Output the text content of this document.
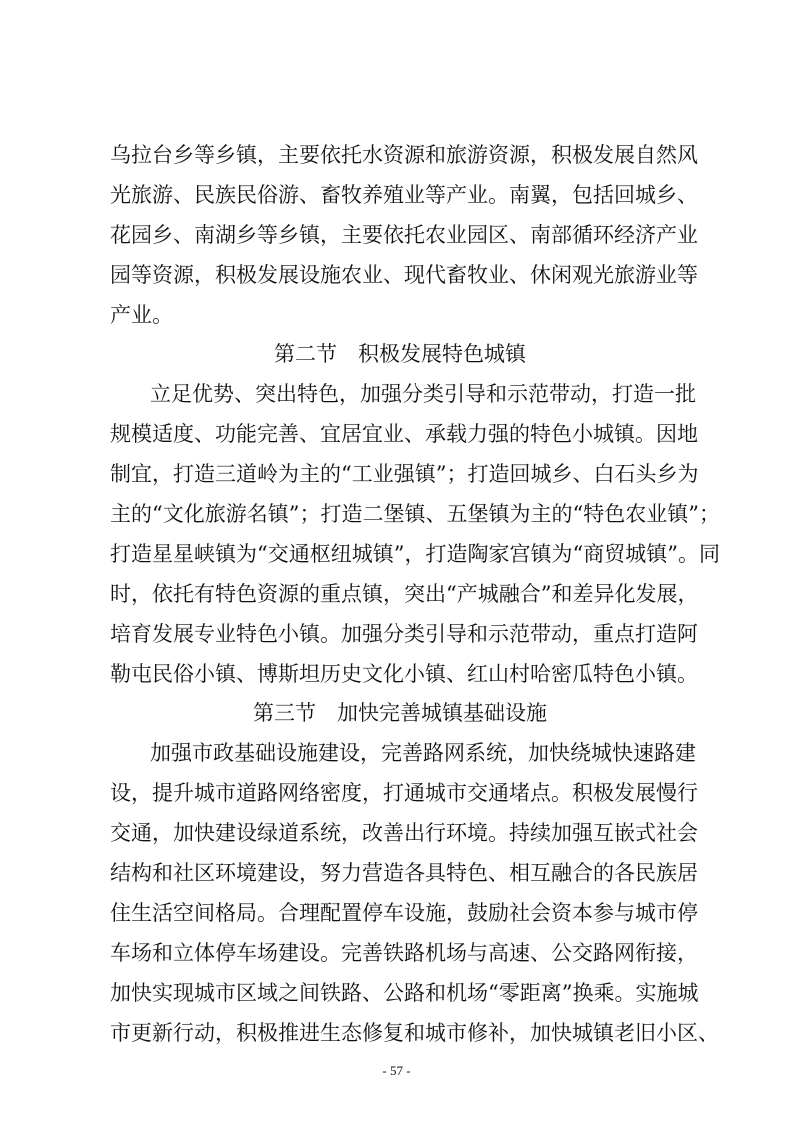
乌拉台乡等乡镇，主要依托水资源和旅游资源，积极发展自然风
光旅游、民族民俗游、畜牧养殖业等产业。南翼，包括回城乡、
花园乡、南湖乡等乡镇，主要依托农业园区、南部循环经济产业
园等资源，积极发展设施农业、现代畜牧业、休闲观光旅游业等
产业。
第二节　积极发展特色城镇
立足优势、突出特色，加强分类引导和示范带动，打造一批
规模适度、功能完善、宜居宜业、承载力强的特色小城镇。因地
制宜，打造三道岭为主的“工业强镇”；打造回城乡、白石头乡为
主的“文化旅游名镇”；打造二堡镇、五堡镇为主的“特色农业镇”；
打造星星峡镇为“交通枢纽城镇”，打造陶家宫镇为“商贸城镇”。同
时，依托有特色资源的重点镇，突出“产城融合”和差异化发展，
培育发展专业特色小镇。加强分类引导和示范带动，重点打造阿
勒屯民俗小镇、博斯坦历史文化小镇、红山村哈密瓜特色小镇。
第三节　加快完善城镇基础设施
加强市政基础设施建设，完善路网系统，加快绕城快速路建
设，提升城市道路网络密度，打通城市交通堵点。积极发展慢行
交通，加快建设绿道系统，改善出行环境。持续加强互嵌式社会
结构和社区环境建设，努力营造各具特色、相互融合的各民族居
住生活空间格局。合理配置停车设施，鼓励社会资本参与城市停
车场和立体停车场建设。完善铁路机场与高速、公交路网衔接，
加快实现城市区域之间铁路、公路和机场“零距离”换乘。实施城
市更新行动，积极推进生态修复和城市修补，加快城镇老旧小区、
- 57 -
